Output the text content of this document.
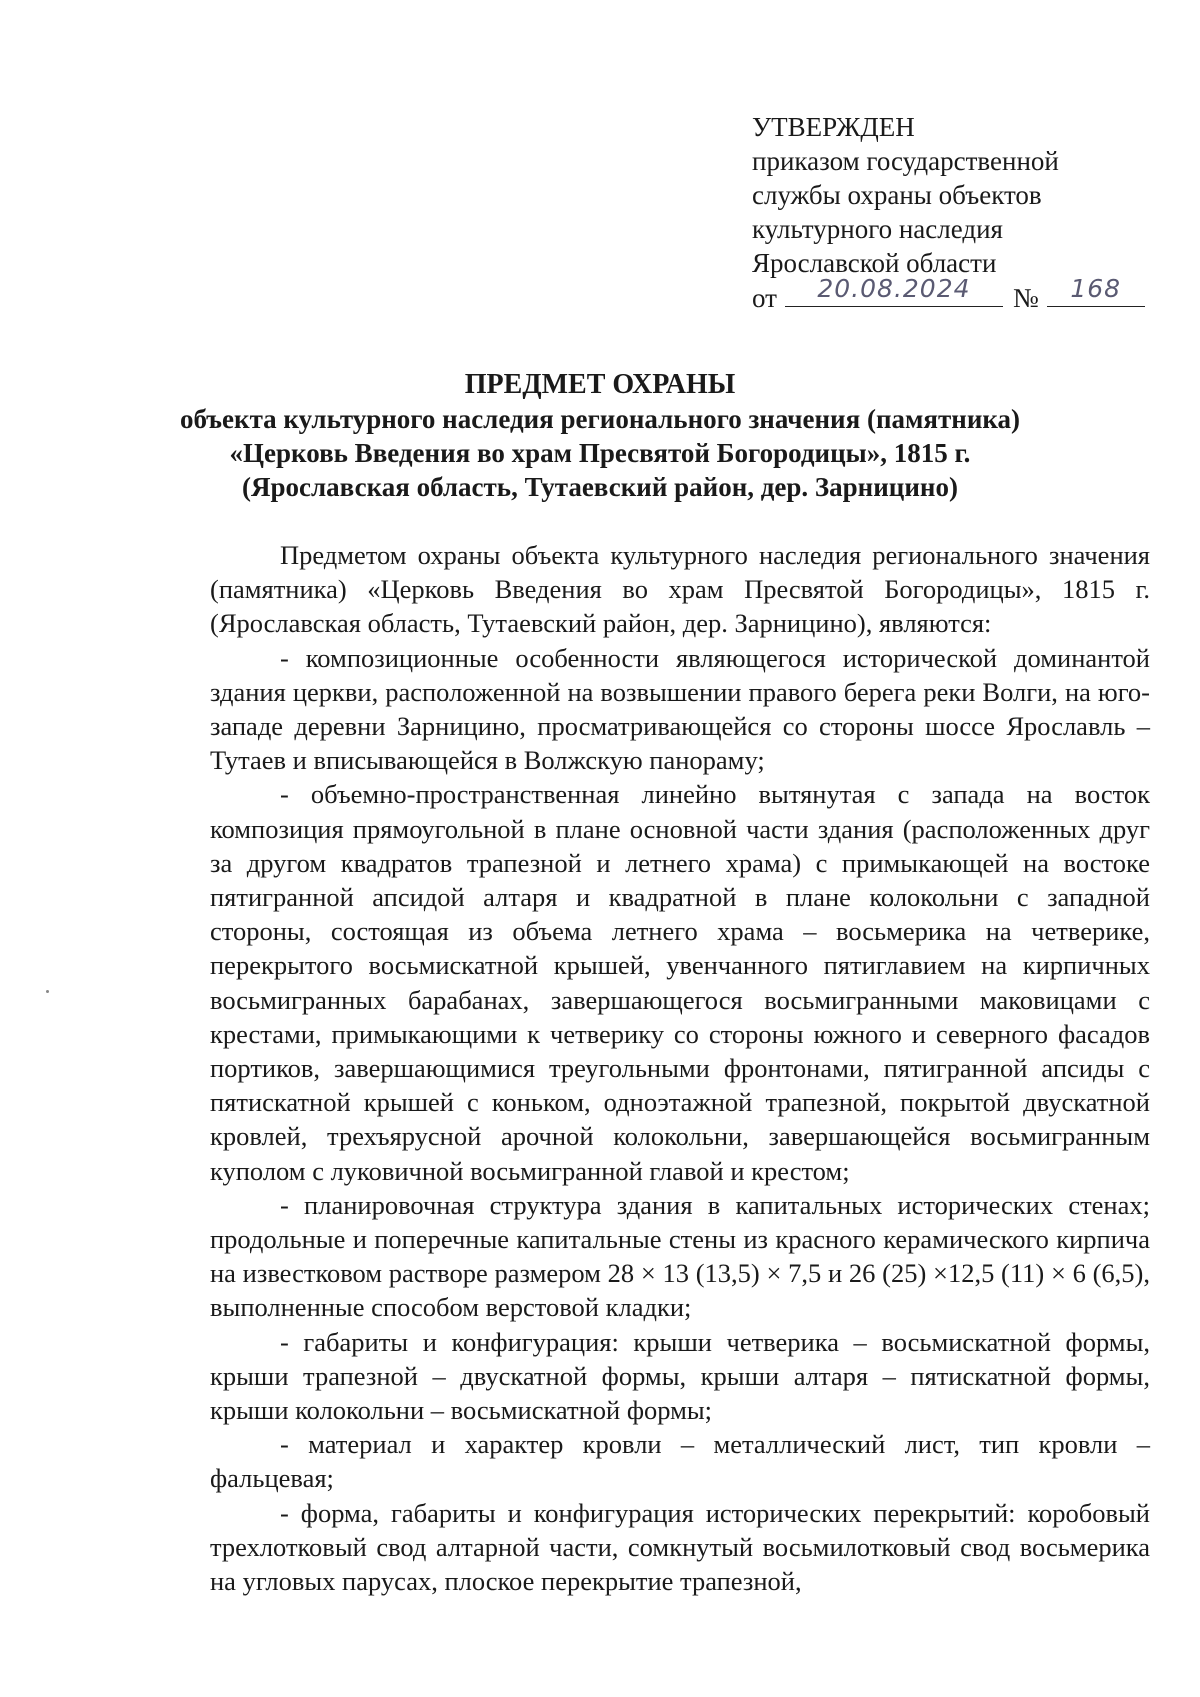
УТВЕРЖДЕН
приказом государственной
службы охраны объектов
культурного наследия
Ярославской области
от	20.08.2024	№	168
ПРЕДМЕТ ОХРАНЫ
объекта культурного наследия регионального значения (памятника)
«Церковь Введения во храм Пресвятой Богородицы», 1815 г.
(Ярославская область, Тутаевский район, дер. Зарницино)

Предметом охраны объекта культурного наследия регионального значения (памятника) «Церковь Введения во храм Пресвятой Богородицы», 1815 г. (Ярославская область, Тутаевский район, дер. Зарницино), являются:

- композиционные особенности являющегося исторической доминантой здания церкви, расположенной на возвышении правого берега реки Волги, на юго-западе деревни Зарницино, просматривающейся со стороны шоссе Ярославль – Тутаев и вписывающейся в Волжскую панораму;

- объемно-пространственная линейно вытянутая с запада на восток композиция прямоугольной в плане основной части здания (расположенных друг за другом квадратов трапезной и летнего храма) с примыкающей на востоке пятигранной апсидой алтаря и квадратной в плане колокольни с западной стороны, состоящая из объема летнего храма – восьмерика на четверике, перекрытого восьмискатной крышей, увенчанного пятиглавием на кирпичных восьмигранных барабанах, завершающегося восьмигранными маковицами с крестами, примыкающими к четверику со стороны южного и северного фасадов портиков, завершающимися треугольными фронтонами, пятигранной апсиды с пятискатной крышей с коньком, одноэтажной трапезной, покрытой двускатной кровлей, трехъярусной арочной колокольни, завершающейся восьмигранным куполом с луковичной восьмигранной главой и крестом;

- планировочная структура здания в капитальных исторических стенах; продольные и поперечные капитальные стены из красного керамического кирпича на известковом растворе размером 28 × 13 (13,5) × 7,5 и 26 (25) ×12,5 (11) × 6 (6,5), выполненные способом верстовой кладки;

- габариты и конфигурация: крыши четверика – восьмискатной формы, крыши трапезной – двускатной формы, крыши алтаря – пятискатной формы, крыши колокольни – восьмискатной формы;

- материал и характер кровли – металлический лист, тип кровли – фальцевая;

- форма, габариты и конфигурация исторических перекрытий: коробовый трехлотковый свод алтарной части, сомкнутый восьмилотковый свод восьмерика на угловых парусах, плоское перекрытие трапезной,
